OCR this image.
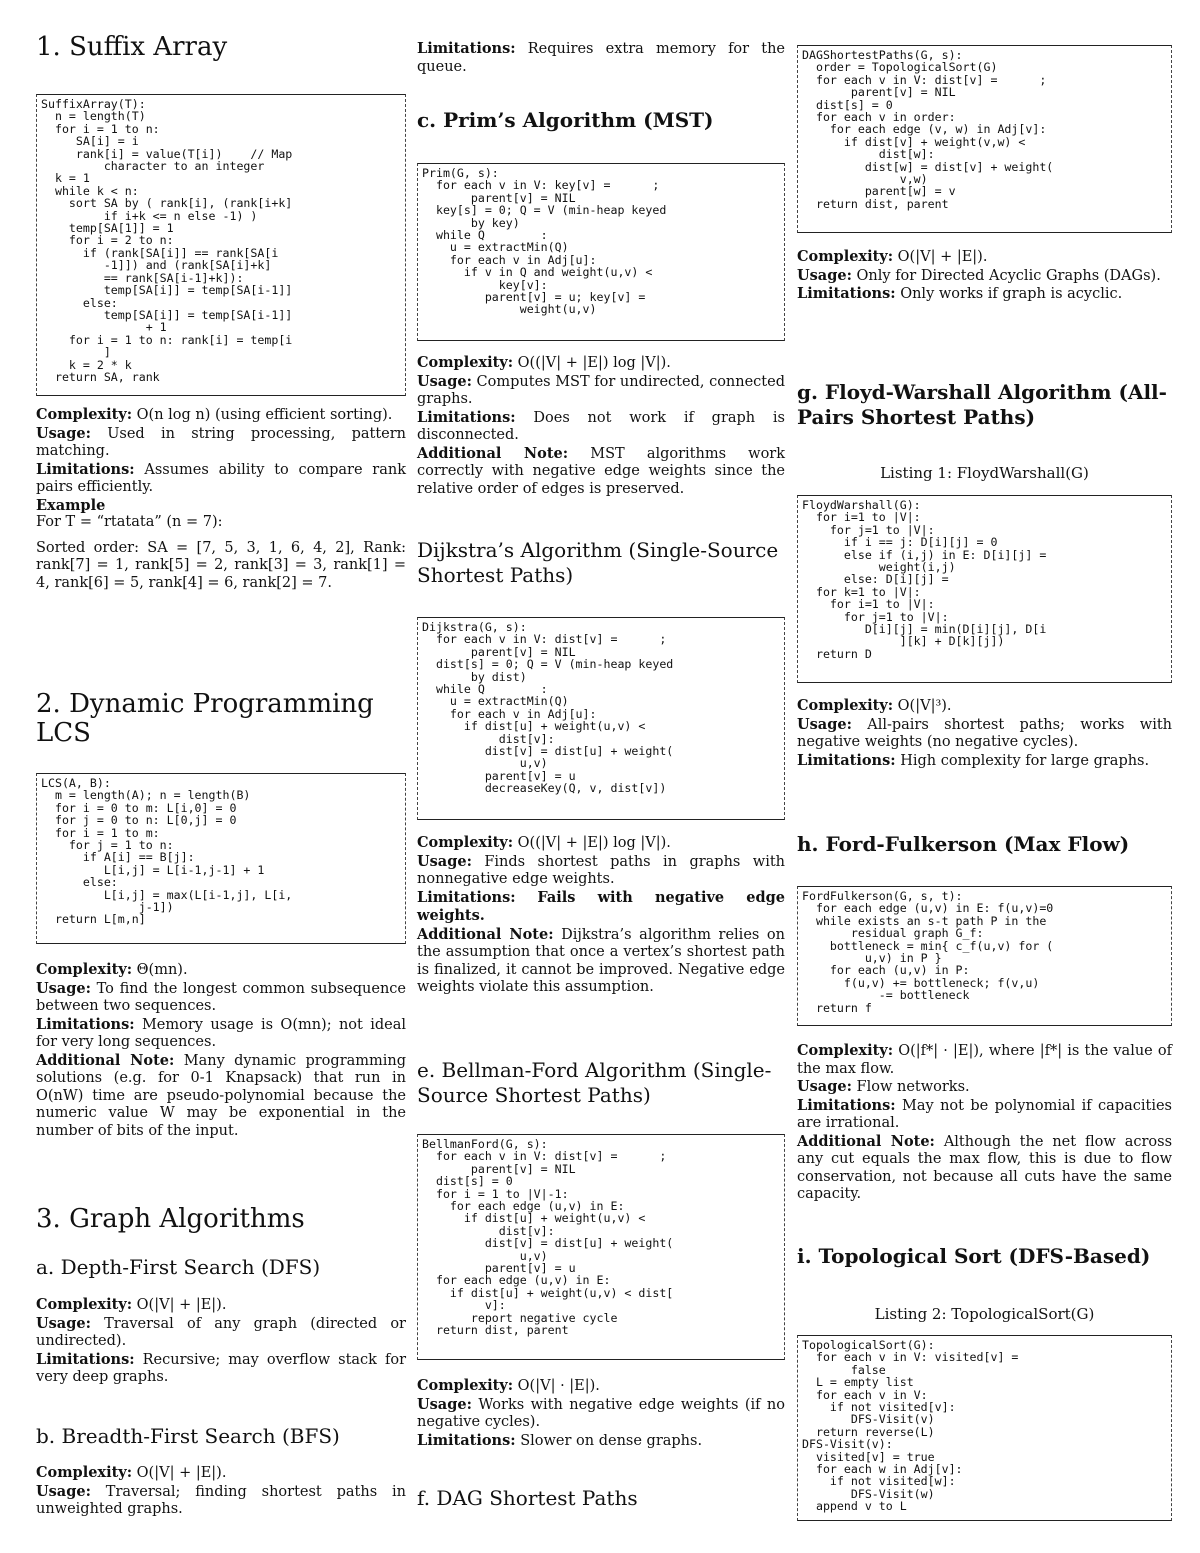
1. Suffix Array
SuffixArray(T):
n = length(T)
for i = 1 to n:
SA[i] = i
rank[i] = value(T[i])    // Map
character to an integer
k = 1
while k < n:
sort SA by ( rank[i], (rank[i+k]
if i+k <= n else -1) )
temp[SA[1]] = 1
for i = 2 to n:
if (rank[SA[i]] == rank[SA[i
-1]]) and (rank[SA[i]+k]
== rank[SA[i-1]+k]):
temp[SA[i]] = temp[SA[i-1]]
else:
temp[SA[i]] = temp[SA[i-1]]
+ 1
for i = 1 to n: rank[i] = temp[i
]
k = 2 * k
return SA, rank

Complexity: O(n log n) (using efficient sorting).

Usage: Used in string processing, pattern matching.

Limitations: Assumes ability to compare rank pairs efficiently.

Example

For T = “rtatata” (n = 7):

Sorted order: SA = [7, 5, 3, 1, 6, 4, 2], Rank: rank[7] = 1, rank[5] = 2, rank[3] = 3, rank[1] = 4, rank[6] = 5, rank[4] = 6, rank[2] = 7.

2. Dynamic Programming LCS
LCS(A, B):
m = length(A); n = length(B)
for i = 0 to m: L[i,0] = 0
for j = 0 to n: L[0,j] = 0
for i = 1 to m:
for j = 1 to n:
if A[i] == B[j]:
L[i,j] = L[i-1,j-1] + 1
else:
L[i,j] = max(L[i-1,j], L[i,
j-1])
return L[m,n]

Complexity: Θ(mn).

Usage: To find the longest common subsequence between two sequences.

Limitations: Memory usage is O(mn); not ideal for very long sequences.

Additional Note: Many dynamic programming solutions (e.g. for 0-1 Knapsack) that run in O(nW) time are pseudo-polynomial because the numeric value W may be exponential in the number of bits of the input.

3. Graph Algorithms
a. Depth-First Search (DFS)

Complexity: O(|V| + |E|).

Usage: Traversal of any graph (directed or undirected).

Limitations: Recursive; may overflow stack for very deep graphs.

b. Breadth-First Search (BFS)

Complexity: O(|V| + |E|).

Usage: Traversal; finding shortest paths in unweighted graphs.

Limitations: Requires extra memory for the queue.

c. Prim’s Algorithm (MST)
Prim(G, s):
for each v in V: key[v] =      ;
parent[v] = NIL
key[s] = 0; Q = V (min-heap keyed
by key)
while Q        :
u = extractMin(Q)
for each v in Adj[u]:
if v in Q and weight(u,v) <
key[v]:
parent[v] = u; key[v] =
weight(u,v)

Complexity: O((|V| + |E|) log |V|).

Usage: Computes MST for undirected, connected graphs.

Limitations: Does not work if graph is disconnected.

Additional Note: MST algorithms work correctly with negative edge weights since the relative order of edges is preserved.

Dijkstra’s Algorithm (Single-Source Shortest Paths)
Dijkstra(G, s):
for each v in V: dist[v] =      ;
parent[v] = NIL
dist[s] = 0; Q = V (min-heap keyed
by dist)
while Q        :
u = extractMin(Q)
for each v in Adj[u]:
if dist[u] + weight(u,v) <
dist[v]:
dist[v] = dist[u] + weight(
u,v)
parent[v] = u
decreaseKey(Q, v, dist[v])

Complexity: O((|V| + |E|) log |V|).

Usage: Finds shortest paths in graphs with nonnegative edge weights.

Limitations: Fails with negative edge weights.

Additional Note: Dijkstra’s algorithm relies on the assumption that once a vertex’s shortest path is finalized, it cannot be improved. Negative edge weights violate this assumption.

e. Bellman-Ford Algorithm (Single-Source Shortest Paths)
BellmanFord(G, s):
for each v in V: dist[v] =      ;
parent[v] = NIL
dist[s] = 0
for i = 1 to |V|-1:
for each edge (u,v) in E:
if dist[u] + weight(u,v) <
dist[v]:
dist[v] = dist[u] + weight(
u,v)
parent[v] = u
for each edge (u,v) in E:
if dist[u] + weight(u,v) < dist[
v]:
report negative cycle
return dist, parent

Complexity: O(|V| · |E|).

Usage: Works with negative edge weights (if no negative cycles).

Limitations: Slower on dense graphs.

f. DAG Shortest Paths
DAGShortestPaths(G, s):
order = TopologicalSort(G)
for each v in V: dist[v] =      ;
parent[v] = NIL
dist[s] = 0
for each v in order:
for each edge (v, w) in Adj[v]:
if dist[v] + weight(v,w) <
dist[w]:
dist[w] = dist[v] + weight(
v,w)
parent[w] = v
return dist, parent

Complexity: O(|V| + |E|).

Usage: Only for Directed Acyclic Graphs (DAGs).

Limitations: Only works if graph is acyclic.

g. Floyd-Warshall Algorithm (All-Pairs Shortest Paths)
Listing 1: FloydWarshall(G)
FloydWarshall(G):
for i=1 to |V|:
for j=1 to |V|:
if i == j: D[i][j] = 0
else if (i,j) in E: D[i][j] =
weight(i,j)
else: D[i][j] =
for k=1 to |V|:
for i=1 to |V|:
for j=1 to |V|:
D[i][j] = min(D[i][j], D[i
][k] + D[k][j])
return D

Complexity: O(|V|³).

Usage: All-pairs shortest paths; works with negative weights (no negative cycles).

Limitations: High complexity for large graphs.

h. Ford-Fulkerson (Max Flow)
FordFulkerson(G, s, t):
for each edge (u,v) in E: f(u,v)=0
while exists an s-t path P in the
residual graph G_f:
bottleneck = min{ c_f(u,v) for (
u,v) in P }
for each (u,v) in P:
f(u,v) += bottleneck; f(v,u)
-= bottleneck
return f

Complexity: O(|f*| · |E|), where |f*| is the value of the max flow.

Usage: Flow networks.

Limitations: May not be polynomial if capacities are irrational.

Additional Note: Although the net flow across any cut equals the max flow, this is due to flow conservation, not because all cuts have the same capacity.

i. Topological Sort (DFS-Based)
Listing 2: TopologicalSort(G)
TopologicalSort(G):
for each v in V: visited[v] =
false
L = empty list
for each v in V:
if not visited[v]:
DFS-Visit(v)
return reverse(L)
DFS-Visit(v):
visited[v] = true
for each w in Adj[v]:
if not visited[w]:
DFS-Visit(w)
append v to L
